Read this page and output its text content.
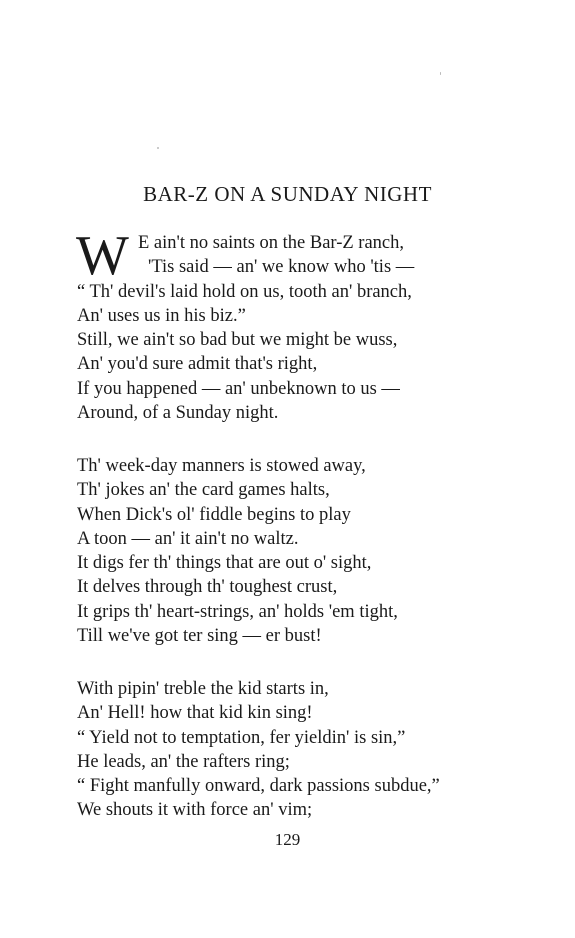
BAR-Z ON A SUNDAY NIGHT
W E ain't no saints on the Bar-Z ranch,
'Tis said — an' we know who 'tis —
“ Th' devil's laid hold on us, tooth an' branch,
An' uses us in his biz.”
Still, we ain't so bad but we might be wuss,
An' you'd sure admit that's right,
If you happened — an' unbeknown to us —
Around, of a Sunday night.
Th' week-day manners is stowed away,
Th' jokes an' the card games halts,
When Dick's ol' fiddle begins to play
A toon — an' it ain't no waltz.
It digs fer th' things that are out o' sight,
It delves through th' toughest crust,
It grips th' heart-strings, an' holds 'em tight,
Till we've got ter sing — er bust!
With pipin' treble the kid starts in,
An' Hell! how that kid kin sing!
“ Yield not to temptation, fer yieldin' is sin,”
He leads, an' the rafters ring;
“ Fight manfully onward, dark passions subdue,”
We shouts it with force an' vim;
129
